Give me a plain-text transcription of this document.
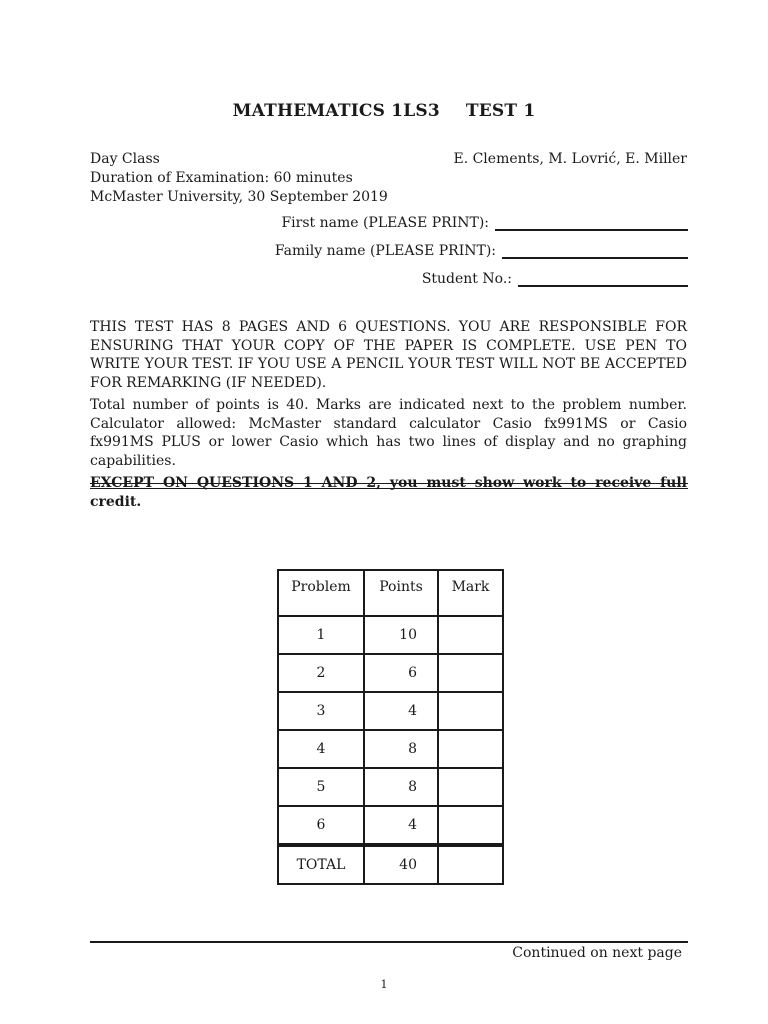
MATHEMATICS 1LS3 TEST 1
Day Class
Duration of Examination: 60 minutes
McMaster University, 30 September 2019
E. Clements, M. Lovrić, E. Miller
First name (PLEASE PRINT):
Family name (PLEASE PRINT):
Student No.:

THIS TEST HAS 8 PAGES AND 6 QUESTIONS. YOU ARE RESPONSIBLE FOR ENSURING THAT YOUR COPY OF THE PAPER IS COMPLETE. USE PEN TO WRITE YOUR TEST. IF YOU USE A PENCIL YOUR TEST WILL NOT BE ACCEPTED FOR REMARKING (IF NEEDED).

Total number of points is 40. Marks are indicated next to the problem number. Calculator allowed: McMaster standard calculator Casio fx991MS or Casio fx991MS PLUS or lower Casio which has two lines of display and no graphing capabilities.

EXCEPT ON QUESTIONS 1 AND 2, you must show work to receive full credit.

Problem	Points	Mark
1	10	
2	6	
3	4	
4	8	
5	8	
6	4	
TOTAL	40	
Continued on next page
1
